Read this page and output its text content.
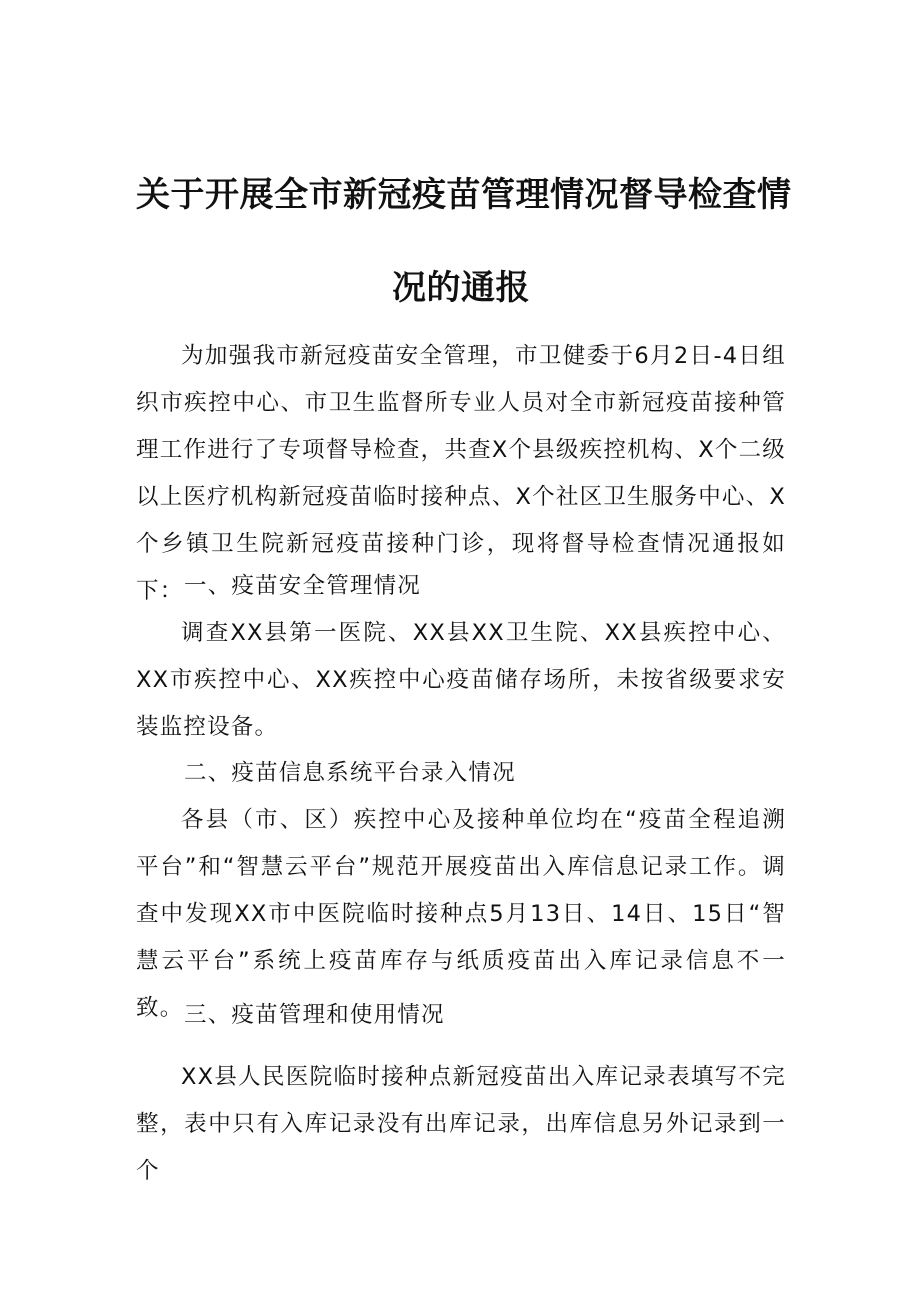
关于开展全市新冠疫苗管理情况督导检查情
况的通报

为加强我市新冠疫苗安全管理，市卫健委于6月2日-4日组织市疾控中心、市卫生监督所专业人员对全市新冠疫苗接种管理工作进行了专项督导检查，共查X个县级疾控机构、X个二级以上医疗机构新冠疫苗临时接种点、X个社区卫生服务中心、X个乡镇卫生院新冠疫苗接种门诊，现将督导检查情况通报如下： 一、疫苗安全管理情况

调查XX县第一医院、XX县XX卫生院、XX县疾控中心、XX市疾控中心、XX疾控中心疫苗储存场所，未按省级要求安装监控设备。

二、疫苗信息系统平台录入情况

各县（市、区）疾控中心及接种单位均在“疫苗全程追溯平台”和“智慧云平台”规范开展疫苗出入库信息记录工作。调查中发现XX市中医院临时接种点5月13日、14日、15日“智慧云平台”系统上疫苗库存与纸质疫苗出入库记录信息不一致。 三、疫苗管理和使用情况

XX县人民医院临时接种点新冠疫苗出入库记录表填写不完整，表中只有入库记录没有出库记录，出库信息另外记录到一个
